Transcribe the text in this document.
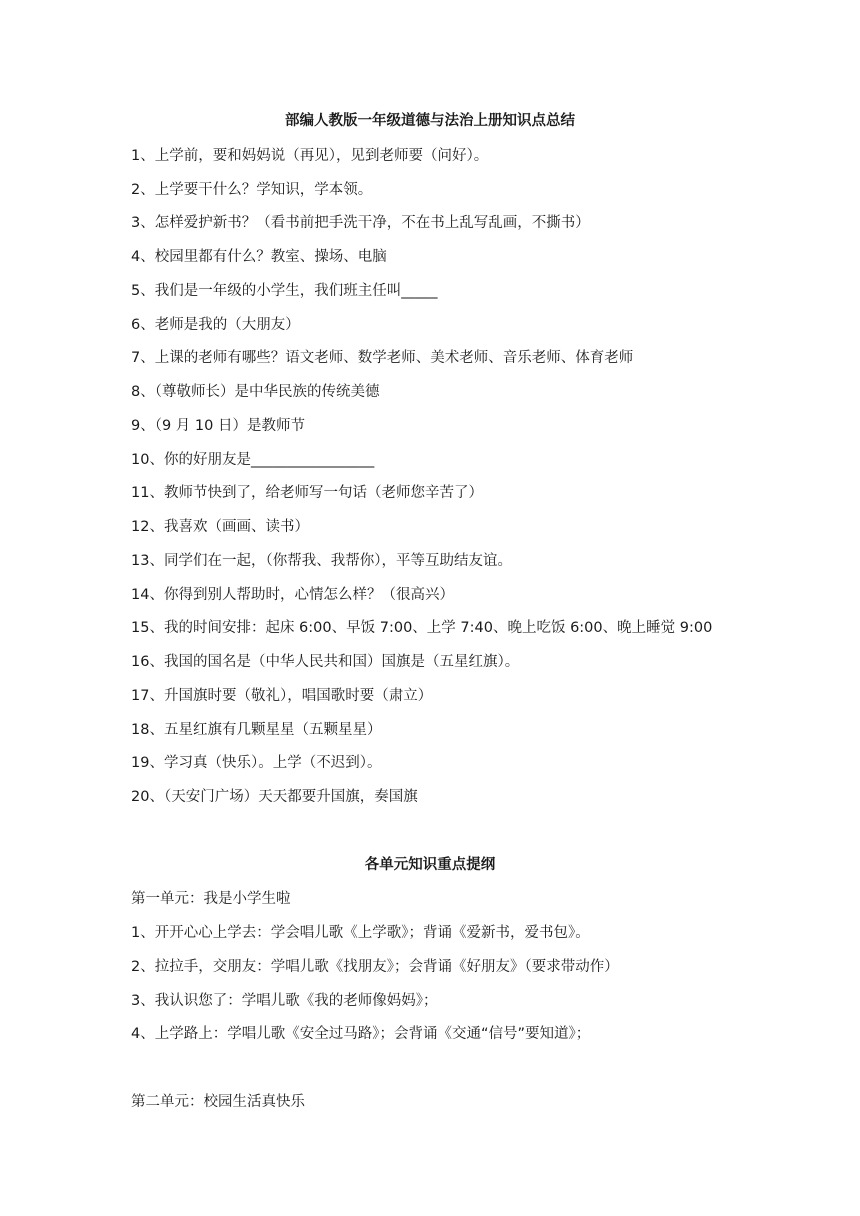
部编人教版一年级道德与法治上册知识点总结
1、上学前，要和妈妈说（再见），见到老师要（问好）。
2、上学要干什么？学知识，学本领。
3、怎样爱护新书？（看书前把手洗干净，不在书上乱写乱画，不撕书）
4、校园里都有什么？教室、操场、电脑
5、我们是一年级的小学生，我们班主任叫_____
6、老师是我的（大朋友）
7、上课的老师有哪些？语文老师、数学老师、美术老师、音乐老师、体育老师
8、（尊敬师长）是中华民族的传统美德
9、（9 月 10 日）是教师节
10、你的好朋友是_________________
11、教师节快到了，给老师写一句话（老师您辛苦了）
12、我喜欢（画画、读书）
13、同学们在一起，（你帮我、我帮你），平等互助结友谊。
14、你得到别人帮助时，心情怎么样？（很高兴）
15、我的时间安排：起床 6:00、早饭 7:00、上学 7:40、晚上吃饭 6:00、晚上睡觉 9:00
16、我国的国名是（中华人民共和国）国旗是（五星红旗）。
17、升国旗时要（敬礼），唱国歌时要（肃立）
18、五星红旗有几颗星星（五颗星星）
19、学习真（快乐）。上学（不迟到）。
20、（天安门广场）天天都要升国旗，奏国旗
各单元知识重点提纲
第一单元：我是小学生啦
1、开开心心上学去：学会唱儿歌《上学歌》；背诵《爱新书，爱书包》。
2、拉拉手，交朋友：学唱儿歌《找朋友》；会背诵《好朋友》（要求带动作）
3、我认识您了：学唱儿歌《我的老师像妈妈》；
4、上学路上：学唱儿歌《安全过马路》；会背诵《交通“信号”要知道》；
第二单元：校园生活真快乐
